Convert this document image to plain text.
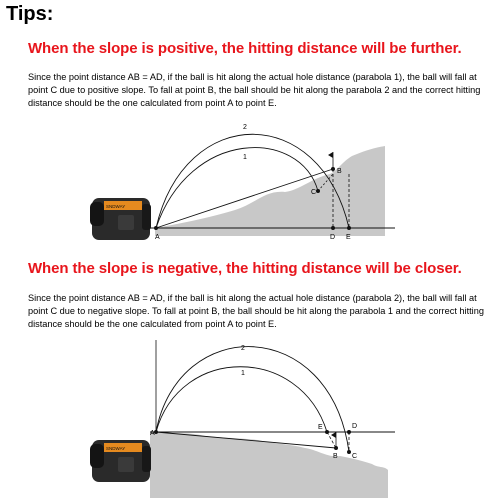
Tips:
When the slope is positive, the hitting distance will be further.
Since the point distance AB = AD, if the ball is hit along the actual hole distance (parabola 1), the ball will fall at point C due to positive slope. To fall at point B, the ball should be hit along the parabola 2 and the correct hitting distance should be the one calculated from point A to point E.
A
B
C
D E
1
2
SNDWAY
When the slope is negative, the hitting distance will be closer.
Since the point distance AB = AD, if the ball is hit along the actual hole distance (parabola 2), the ball will fall at point C due to negative slope. To fall at point B, the ball should be hit along the parabola 1 and the correct hitting distance should be the one calculated from point A to point E.
A
B C
D
E
1
2
SNDWAY
